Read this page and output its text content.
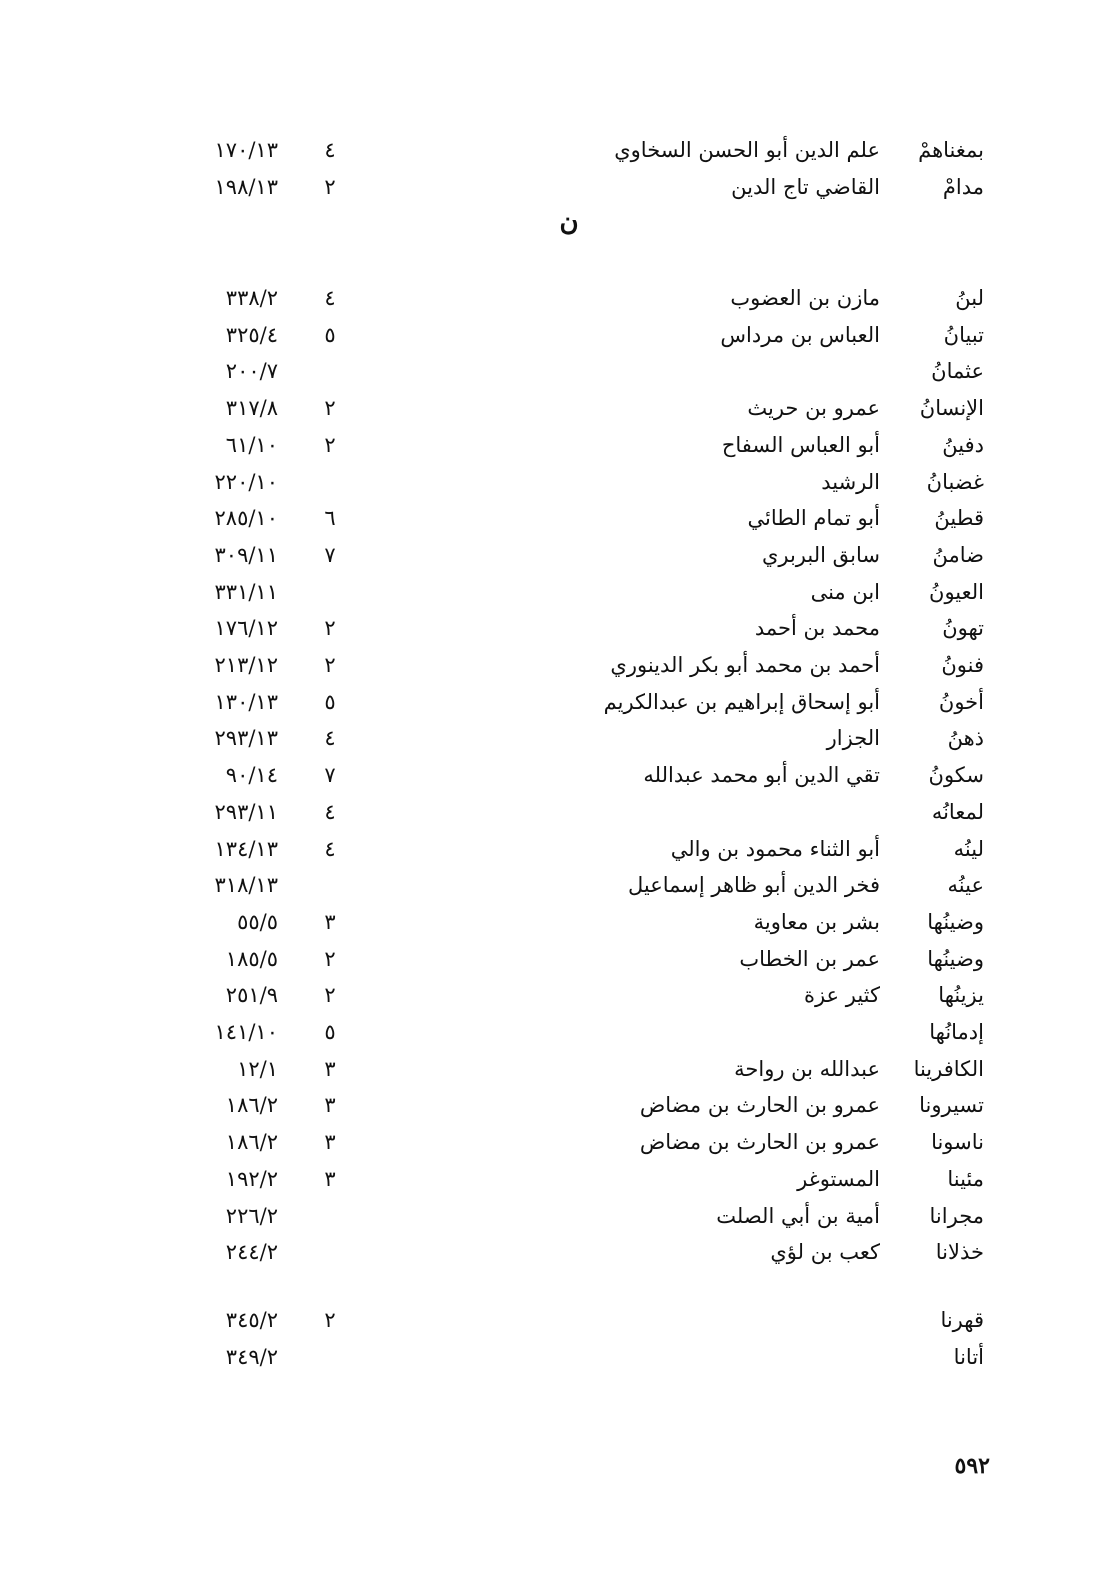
بمغناهمْ
علم الدين أبو الحسن السخاوي
٤
١٧٠/١٣
مدامْ
القاضي تاج الدين
٢
١٩٨/١٣
لبنُ
مازن بن العضوب
٤
٣٣٨/٢
تبيانُ
العباس بن مرداس
٥
٣٢٥/٤
عثمانُ
٢٠٠/٧
الإنسانُ
عمرو بن حريث
٢
٣١٧/٨
دفينُ
أبو العباس السفاح
٢
٦١/١٠
غضبانُ
الرشيد
٢٢٠/١٠
قطينُ
أبو تمام الطائي
٦
٢٨٥/١٠
ضامنُ
سابق البربري
٧
٣٠٩/١١
العيونُ
ابن منى
٣٣١/١١
تهونُ
محمد بن أحمد
٢
١٧٦/١٢
فنونُ
أحمد بن محمد أبو بكر الدينوري
٢
٢١٣/١٢
أخونُ
أبو إسحاق إبراهيم بن عبدالكريم
٥
١٣٠/١٣
ذهنُ
الجزار
٤
٢٩٣/١٣
سكونُ
تقي الدين أبو محمد عبدالله
٧
٩٠/١٤
لمعانُه
٤
٢٩٣/١١
لينُه
أبو الثناء محمود بن والي
٤
١٣٤/١٣
عينُه
فخر الدين أبو ظاهر إسماعيل
٣١٨/١٣
وضينُها
بشر بن معاوية
٣
٥٥/٥
وضينُها
عمر بن الخطاب
٢
١٨٥/٥
يزينُها
كثير عزة
٢
٢٥١/٩
إدمانُها
٥
١٤١/١٠
الكافرينا
عبدالله بن رواحة
٣
١٢/١
تسيرونا
عمرو بن الحارث بن مضاض
٣
١٨٦/٢
ناسونا
عمرو بن الحارث بن مضاض
٣
١٨٦/٢
مئينا
المستوغر
٣
١٩٢/٢
مجرانا
أمية بن أبي الصلت
٢٢٦/٢
خذلانا
كعب بن لؤي
٢٤٤/٢
قهرنا
٢
٣٤٥/٢
أتانا
٣٤٩/٢
ن
٥٩٢
